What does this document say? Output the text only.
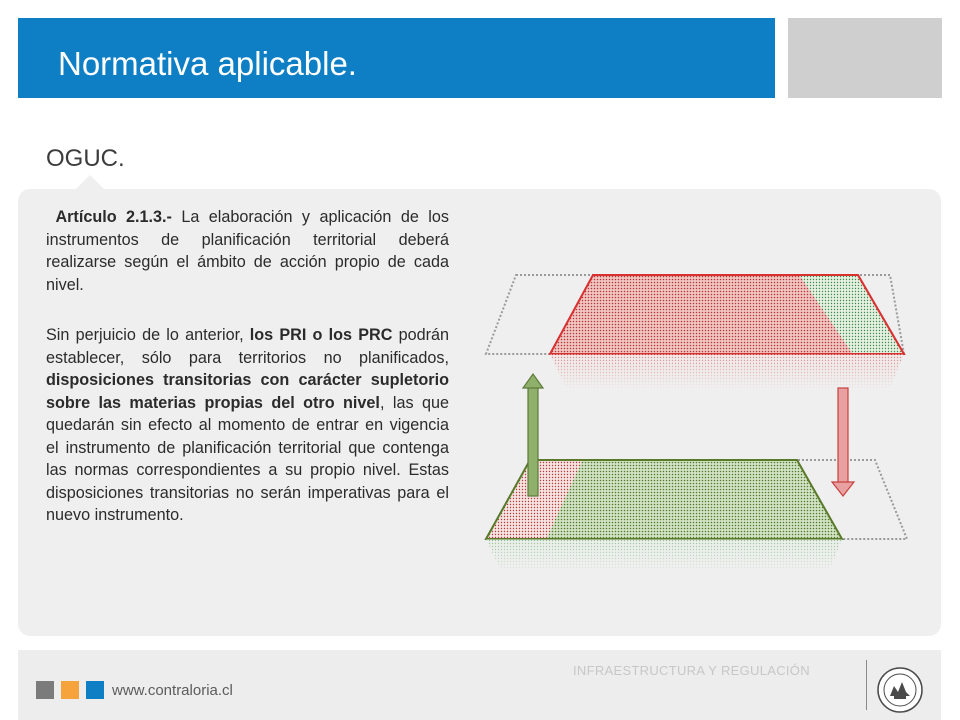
Normativa aplicable.
OGUC.

Artículo 2.1.3.- La elaboración y aplicación de los instrumentos de planificación territorial deberá realizarse según el ámbito de acción propio de cada nivel.

Sin perjuicio de lo anterior, los PRI o los PRC podrán establecer, sólo para territorios no planificados, disposiciones transitorias con carácter supletorio sobre las materias propias del otro nivel, las que quedarán sin efecto al momento de entrar en vigencia el instrumento de planificación territorial que contenga las normas correspondientes a su propio nivel. Estas disposiciones transitorias no serán imperativas para el nuevo instrumento.

INFRAESTRUCTURA Y REGULACIÓN
www.contraloria.cl
